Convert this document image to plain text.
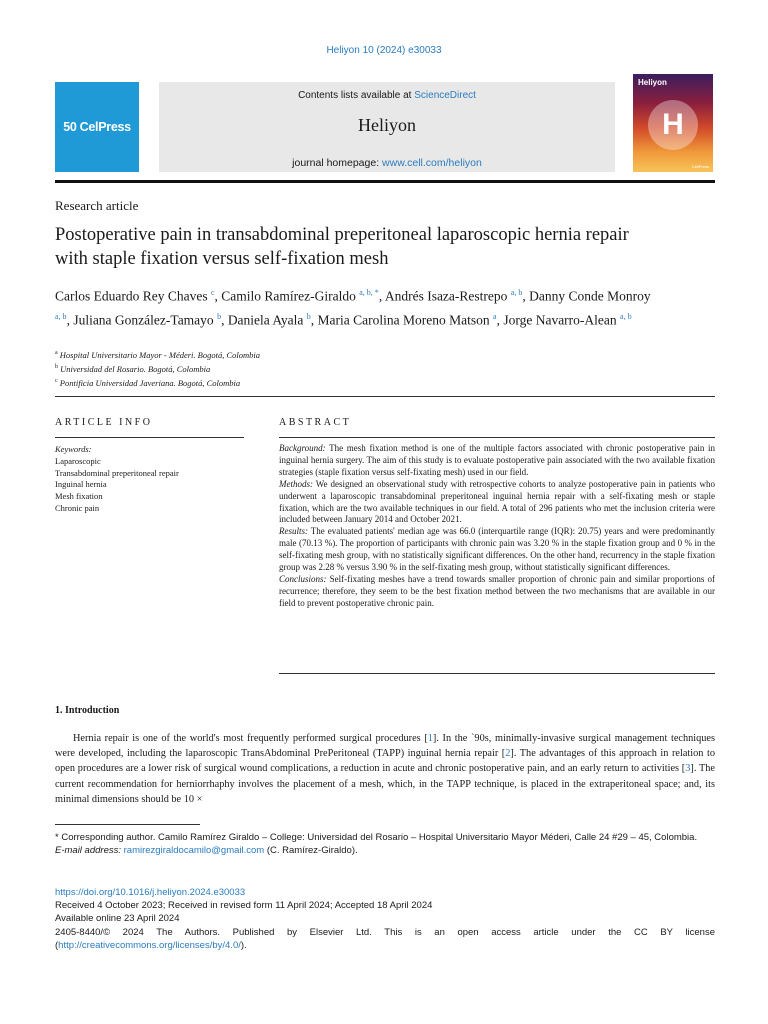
Heliyon 10 (2024) e30033
50 CelPress
Contents lists available at ScienceDirect
Heliyon
journal homepage: www.cell.com/heliyon
Heliyon
H
CellPress
Research article
Postoperative pain in transabdominal preperitoneal laparoscopic hernia repair with staple fixation versus self-fixation mesh
Carlos Eduardo Rey Chaves $^c$, Camilo Ramírez-Giraldo $^{a, b, *}$, Andrés Isaza-Restrepo $^{a, b}$, Danny Conde Monroy $^{a, b}$, Juliana González-Tamayo $^b$, Daniela Ayala $^b$, Maria Carolina Moreno Matson $^a$, Jorge Navarro-Alean $^{a, b}$
$^a$ Hospital Universitario Mayor - Méderi. Bogotá, Colombia
$^b$ Universidad del Rosario. Bogotá, Colombia
$^c$ Pontificia Universidad Javeriana. Bogotá, Colombia
ARTICLE INFO	ABSTRACT
Keywords:
Laparoscopic
Transabdominal preperitoneal repair
Inguinal hernia
Mesh fixation
Chronic pain

Background: The mesh fixation method is one of the multiple factors associated with chronic postoperative pain in inguinal hernia surgery. The aim of this study is to evaluate postoperative pain associated with the two available fixation strategies (staple fixation versus self-fixating mesh) used in our field.

Methods: We designed an observational study with retrospective cohorts to analyze postoperative pain in patients who underwent a laparoscopic transabdominal preperitoneal inguinal hernia repair with a self-fixating mesh or staple fixation, which are the two available techniques in our field. A total of 296 patients who met the inclusion criteria were included between January 2014 and October 2021.

Results: The evaluated patients' median age was 66.0 (interquartile range (IQR): 20.75) years and were predominantly male (70.13 %). The proportion of participants with chronic pain was 3.20 % in the staple fixation group and 0 % in the self-fixating mesh group, with no statistically significant differences. On the other hand, recurrency in the staple fixation group was 2.28 % versus 3.90 % in the self-fixating mesh group, without statistically significant differences.

Conclusions: Self-fixating meshes have a trend towards smaller proportion of chronic pain and similar proportions of recurrence; therefore, they seem to be the best fixation method between the two mechanisms that are available in our field to prevent postoperative chronic pain.

1. Introduction

Hernia repair is one of the world's most frequently performed surgical procedures [1]. In the `90s, minimally-invasive surgical management techniques were developed, including the laparoscopic TransAbdominal PrePeritoneal (TAPP) inguinal hernia repair [2]. The advantages of this approach in relation to open procedures are a lower risk of surgical wound complications, a reduction in acute and chronic postoperative pain, and an early return to activities [3]. The current recommendation for herniorrhaphy involves the placement of a mesh, which, in the TAPP technique, is placed in the extraperitoneal space; and, its minimal dimensions should be 10 ×

* Corresponding author. Camilo Ramírez Giraldo – College: Universidad del Rosario – Hospital Universitario Mayor Méderi, Calle 24 #29 – 45, Colombia.

E-mail address: ramirezgiraldocamilo@gmail.com (C. Ramírez-Giraldo).

https://doi.org/10.1016/j.heliyon.2024.e30033

Received 4 October 2023; Received in revised form 11 April 2024; Accepted 18 April 2024

Available online 23 April 2024

2405-8440/© 2024 The Authors. Published by Elsevier Ltd. This is an open access article under the CC BY license

(http://creativecommons.org/licenses/by/4.0/).
